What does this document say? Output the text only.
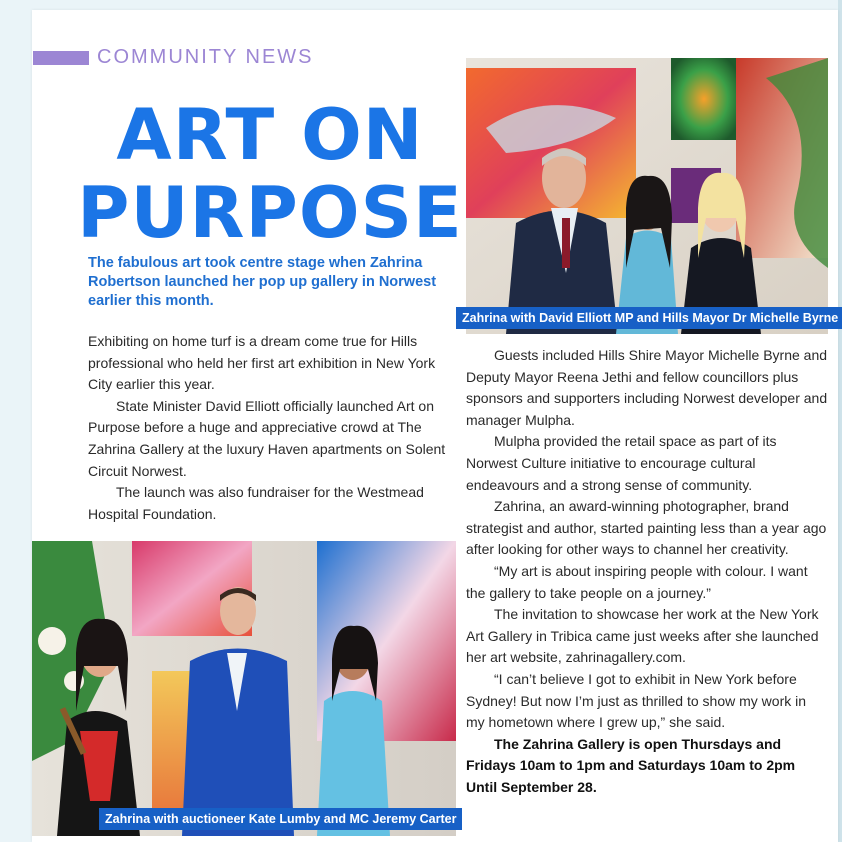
COMMUNITY NEWS
ART ON
PURPOSE
The fabulous art took centre stage when Zahrina Robertson launched her pop up gallery in Norwest earlier this month.

Exhibiting on home turf is a dream come true for Hills professional who held her first art exhibition in New York City earlier this year.

State Minister David Elliott officially launched Art on Purpose before a huge and appreciative crowd at The Zahrina Gallery at the luxury Haven apartments on Solent Circuit Norwest.

The launch was also fundraiser for the Westmead Hospital Foundation.

Zahrina with David Elliott MP and Hills Mayor Dr Michelle Byrne

Guests included Hills Shire Mayor Michelle Byrne and Deputy Mayor Reena Jethi and fellow councillors plus sponsors and supporters including Norwest developer and manager Mulpha.

Mulpha provided the retail space as part of its Norwest Culture initiative to encourage cultural endeavours and a strong sense of community.

Zahrina, an award-winning photographer, brand strategist and author, started painting less than a year ago after looking for other ways to channel her creativity.

“My art is about inspiring people with colour. I want the gallery to take people on a journey.”

The invitation to showcase her work at the New York Art Gallery in Tribica came just weeks after she launched her art website, zahrinagallery.com.

“I can’t believe I got to exhibit in New York before Sydney! But now I’m just as thrilled to show my work in my hometown where I grew up,” she said.

The Zahrina Gallery is open Thursdays and Fridays 10am to 1pm and Saturdays 10am to 2pm Until September 28.

Zahrina with auctioneer Kate Lumby and MC Jeremy Carter
